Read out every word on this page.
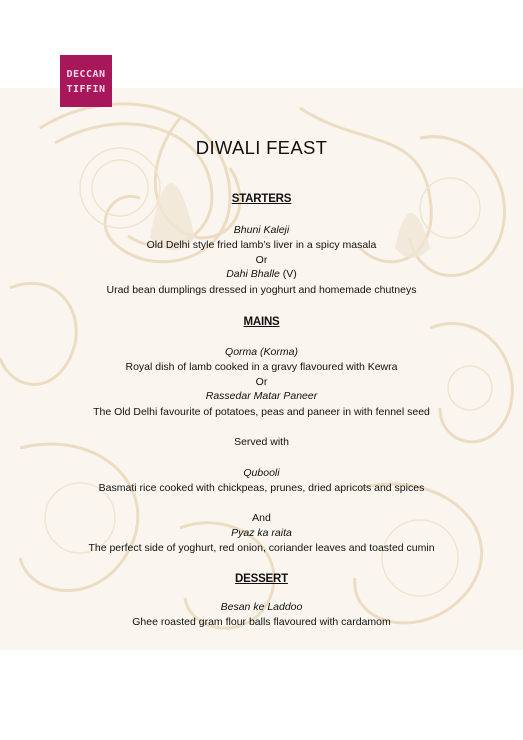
DECCAN
TIFFIN
DIWALI FEAST
STARTERS
Bhuni Kaleji
Old Delhi style fried lamb’s liver in a spicy masala
Or
Dahi Bhalle (V)
Urad bean dumplings dressed in yoghurt and homemade chutneys
MAINS
Qorma (Korma)
Royal dish of lamb cooked in a gravy flavoured with Kewra
Or
Rassedar Matar Paneer
The Old Delhi favourite of potatoes, peas and paneer in with fennel seed
Served with
Qubooli
Basmati rice cooked with chickpeas, prunes, dried apricots and spices
And
Pyaz ka raita
The perfect side of yoghurt, red onion, coriander leaves and toasted cumin
DESSERT
Besan ke Laddoo
Ghee roasted gram flour balls flavoured with cardamom
